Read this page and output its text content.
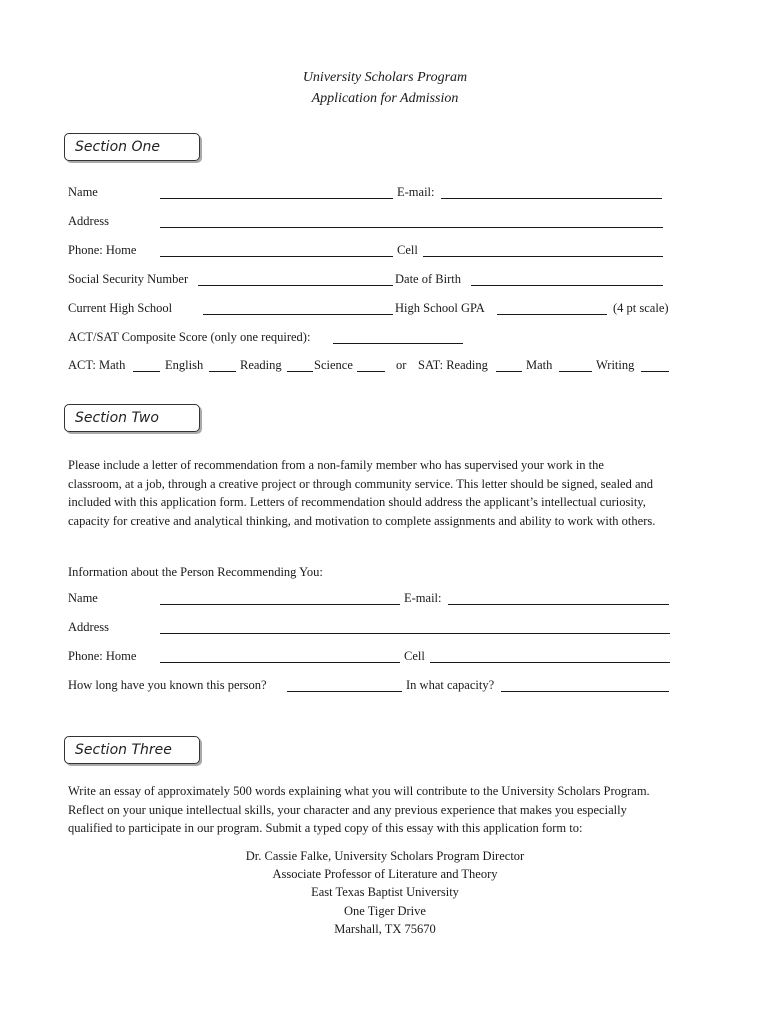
University Scholars Program
Application for Admission
Section One
Name	E-mail:
Address
Phone: Home	Cell
Social Security Number	Date of Birth
Current High School	High School GPA	(4 pt scale)
ACT/SAT Composite Score (only one required):
ACT: Math	English	Reading	Science	or SAT: Reading	Math	Writing
Section Two
Please include a letter of recommendation from a non-family member who has supervised your work in the
classroom, at a job, through a creative project or through community service. This letter should be signed, sealed and
included with this application form. Letters of recommendation should address the applicant’s intellectual curiosity,
capacity for creative and analytical thinking, and motivation to complete assignments and ability to work with others.
Information about the Person Recommending You:
Name	E-mail:
Address
Phone: Home	Cell
How long have you known this person?	In what capacity?
Section Three
Write an essay of approximately 500 words explaining what you will contribute to the University Scholars Program.
Reflect on your unique intellectual skills, your character and any previous experience that makes you especially
qualified to participate in our program. Submit a typed copy of this essay with this application form to:
Dr. Cassie Falke, University Scholars Program Director
Associate Professor of Literature and Theory
East Texas Baptist University
One Tiger Drive
Marshall, TX 75670
